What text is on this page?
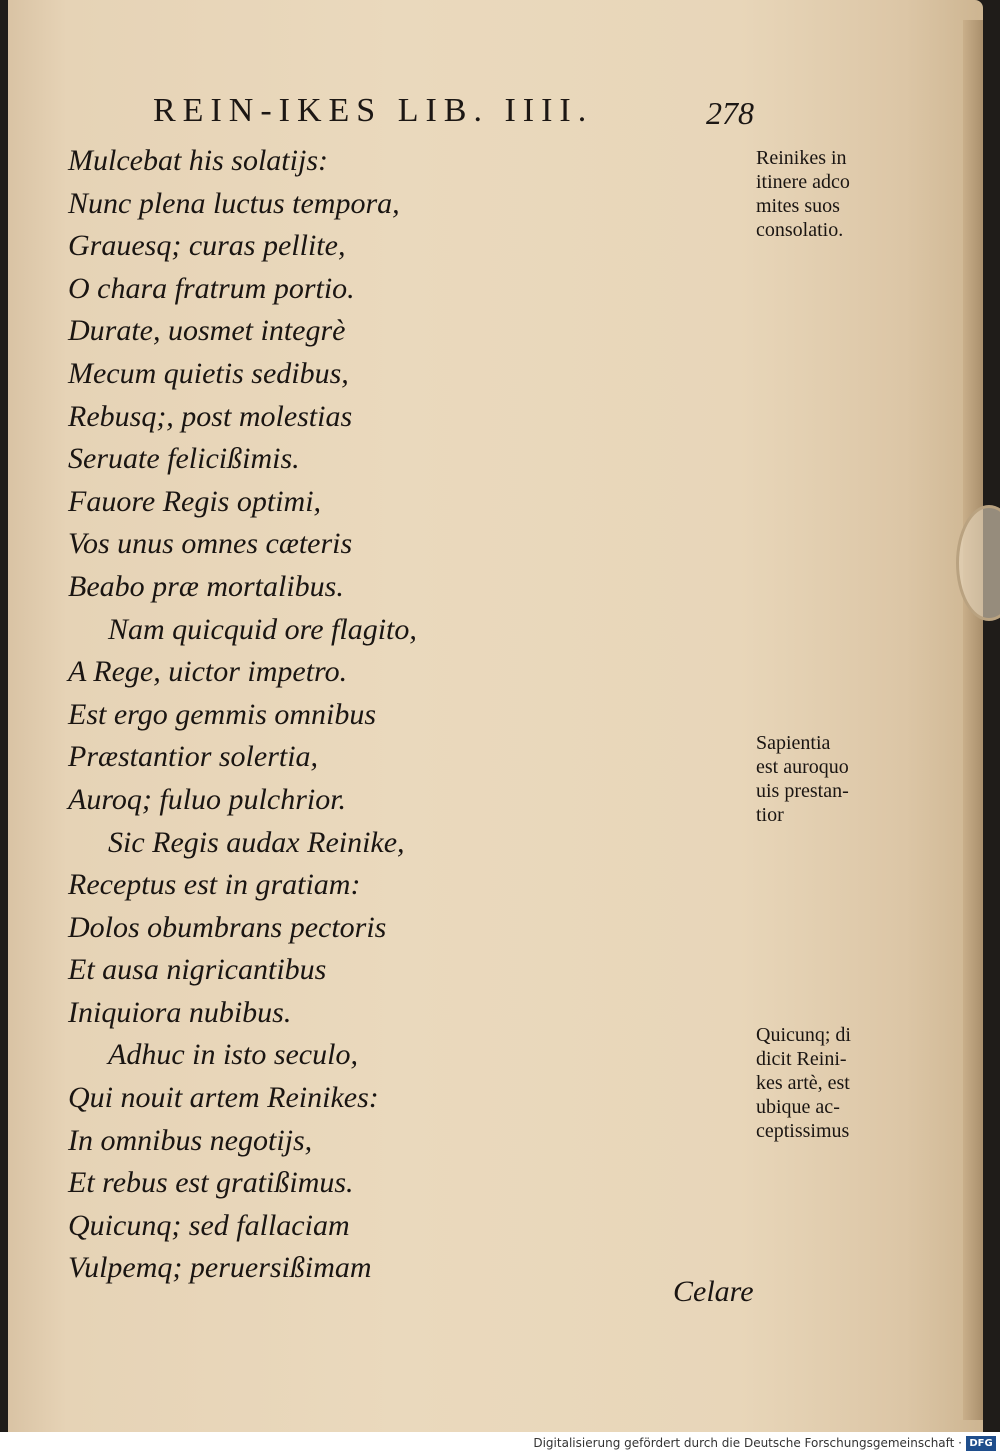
REIN-IKES LIB. IIII.	278
Mulcebat his solatijs:
Nunc plena luctus tempora,
Grauesq; curas pellite,
O chara fratrum portio.
Durate, uosmet integrè
Mecum quietis sedibus,
Rebusq;, post molestias
Seruate felicißimis.
Fauore Regis optimi,
Vos unus omnes cæteris
Beabo præ mortalibus.
Nam quicquid ore flagito,
A Rege, uictor impetro.
Est ergo gemmis omnibus
Præstantior solertia,
Auroq; fuluo pulchrior.
Sic Regis audax Reinike,
Receptus est in gratiam:
Dolos obumbrans pectoris
Et ausa nigricantibus
Iniquiora nubibus.
Adhuc in isto seculo,
Qui nouit artem Reinikes:
In omnibus negotijs,
Et rebus est gratißimus.
Quicunq; sed fallaciam
Vulpemq; peruersißimam
Reinikes in
itinere adco
mites suos
consolatio.
Sapientia
est auroquo
uis prestan-
tior
Quicunq; di
dicit Reini-
kes artè, est
ubique ac-
ceptissimus
Celare
Digitalisierung gefördert durch die Deutsche Forschungsgemeinschaft · DFG
